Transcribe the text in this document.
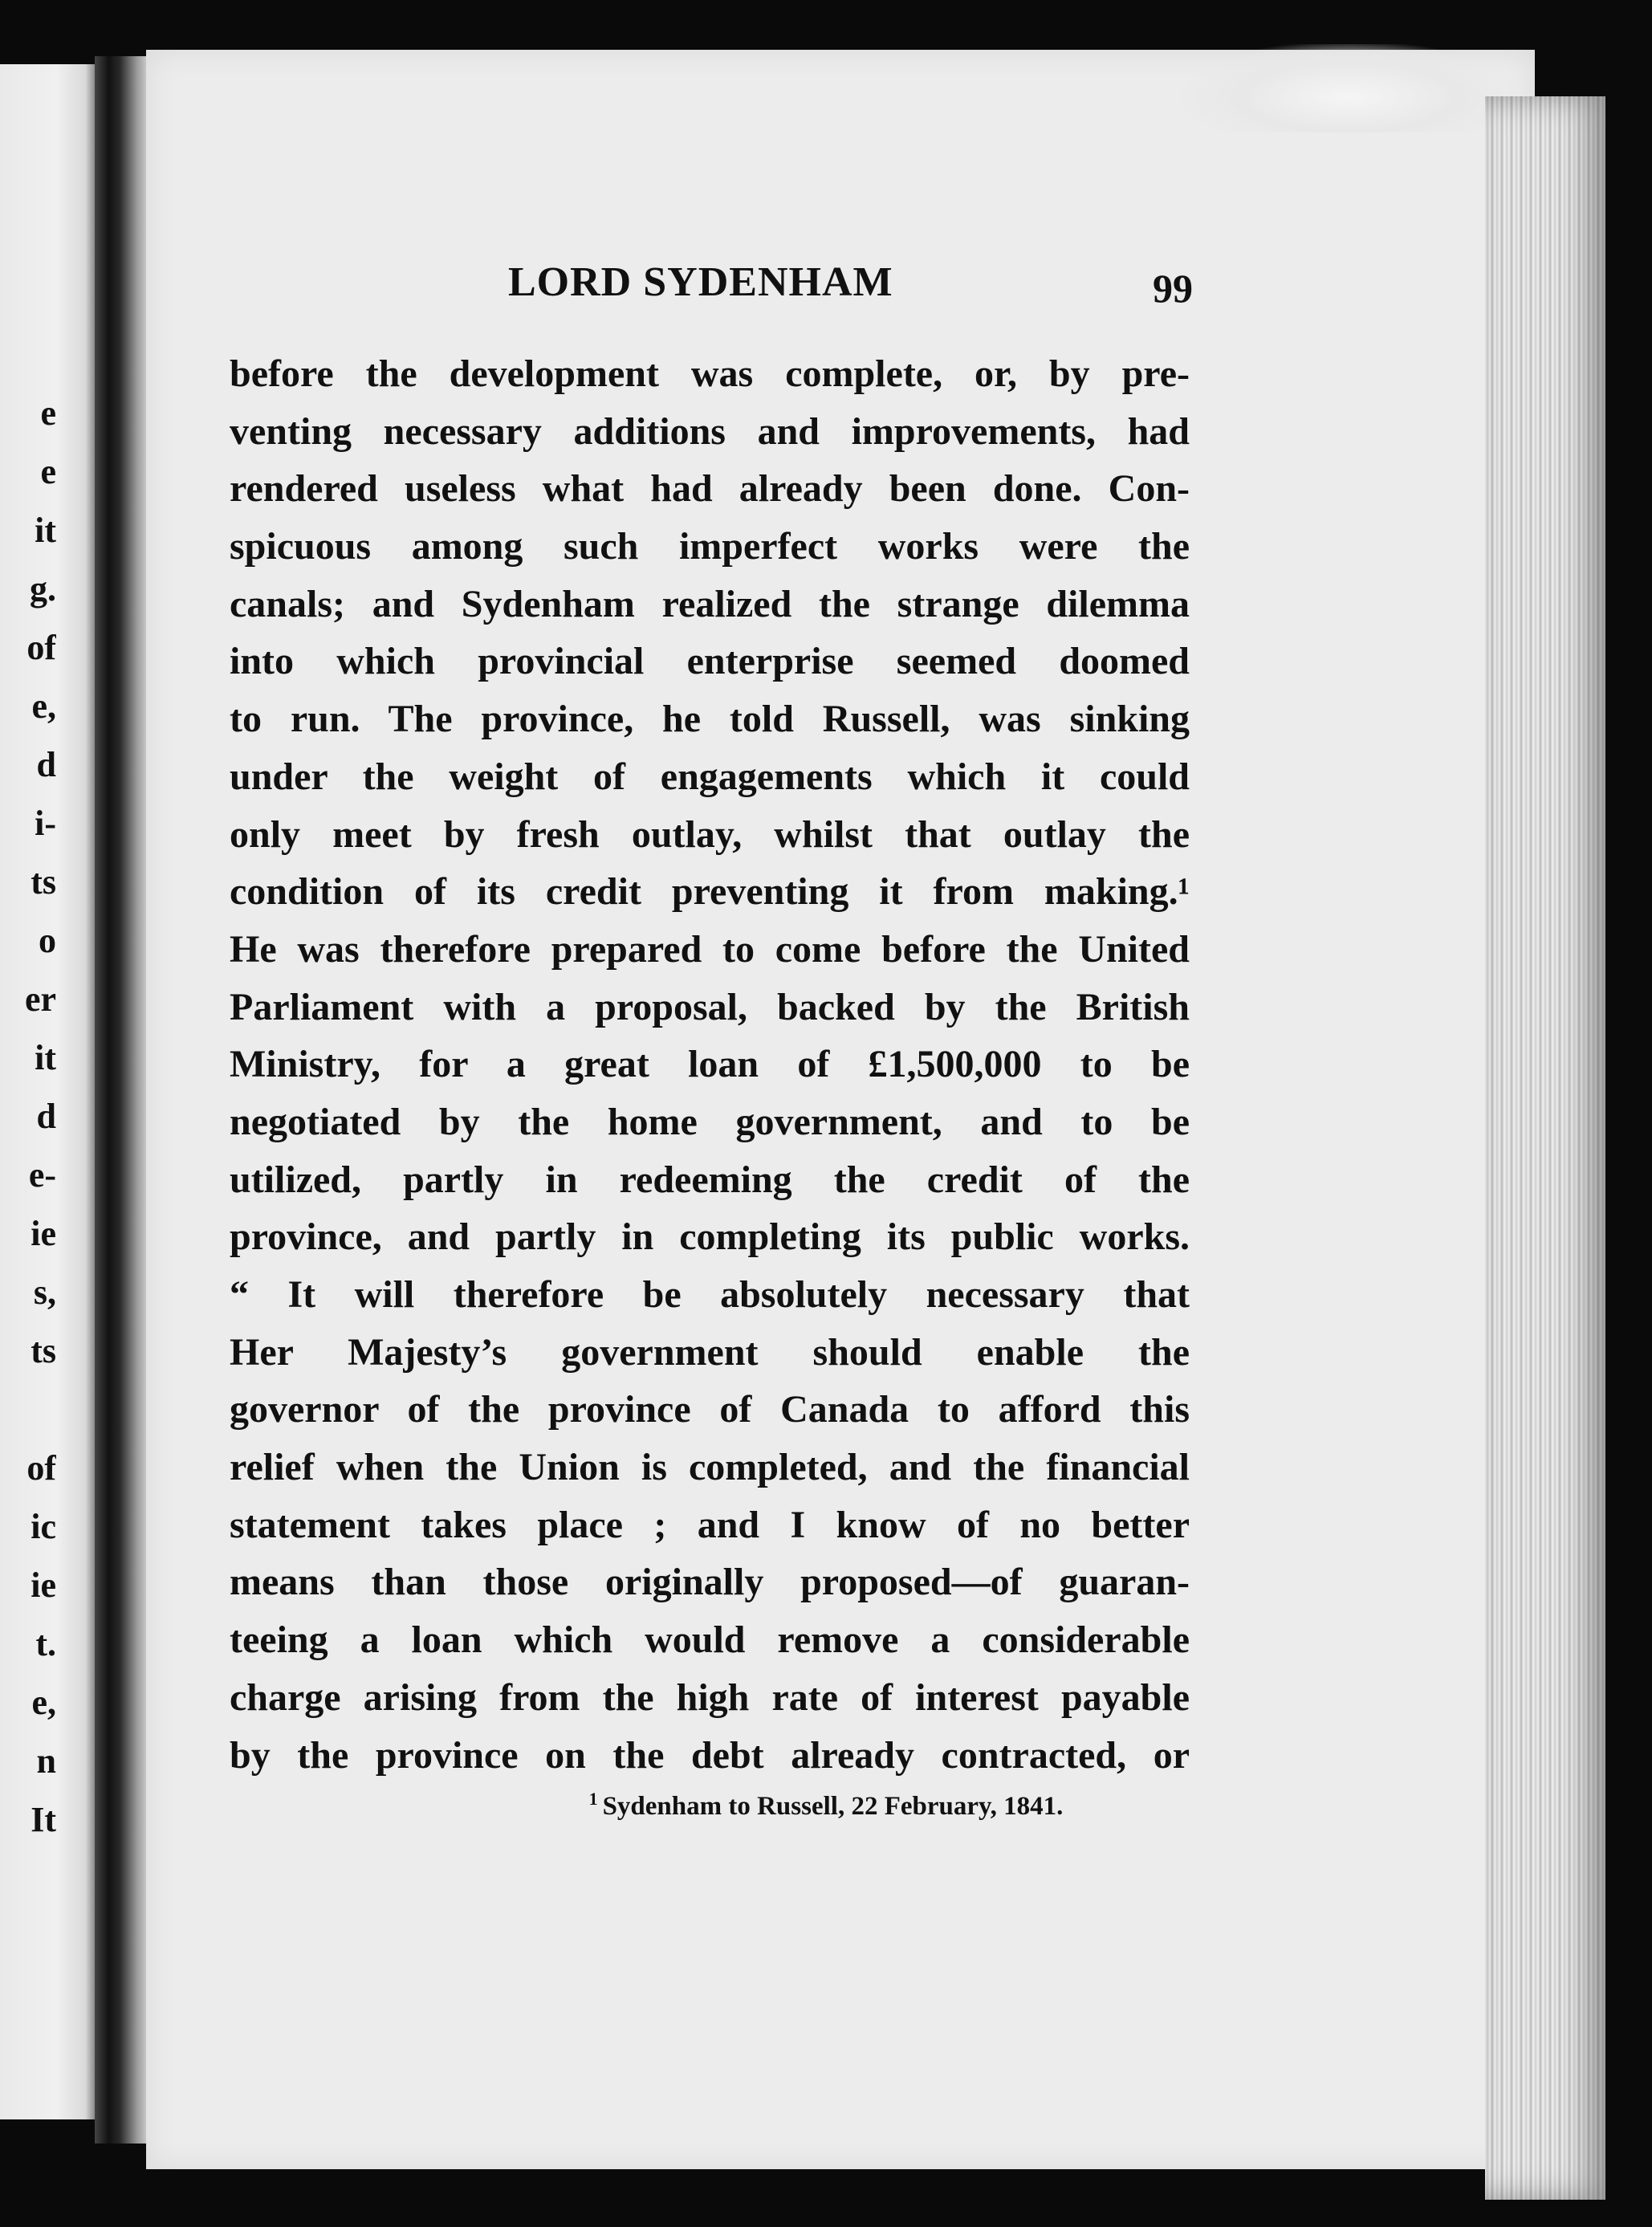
e
e
it
g.
of
e,
d
i-
ts
o
er
it
d
e-
ie
s,
ts
of
ic
ie
t.
e,
n
It
LORD SYDENHAM	99
before the development was complete, or, by pre-
venting necessary additions and improvements, had
rendered useless what had already been done. Con-
spicuous among such imperfect works were the
canals; and Sydenham realized the strange dilemma
into which provincial enterprise seemed doomed
to run. The province, he told Russell, was sinking
under the weight of engagements which it could
only meet by fresh outlay, whilst that outlay the
condition of its credit preventing it from making.¹
He was therefore prepared to come before the United
Parliament with a proposal, backed by the British
Ministry, for a great loan of £1,500,000 to be
negotiated by the home government, and to be
utilized, partly in redeeming the credit of the
province, and partly in completing its public works.
“ It will therefore be absolutely necessary that
Her Majesty’s government should enable the
governor of the province of Canada to afford this
relief when the Union is completed, and the financial
statement takes place ; and I know of no better
means than those originally proposed—of guaran-
teeing a loan which would remove a considerable
charge arising from the high rate of interest payable
by the province on the debt already contracted, or
$^1$ Sydenham to Russell, 22 February, 1841.
